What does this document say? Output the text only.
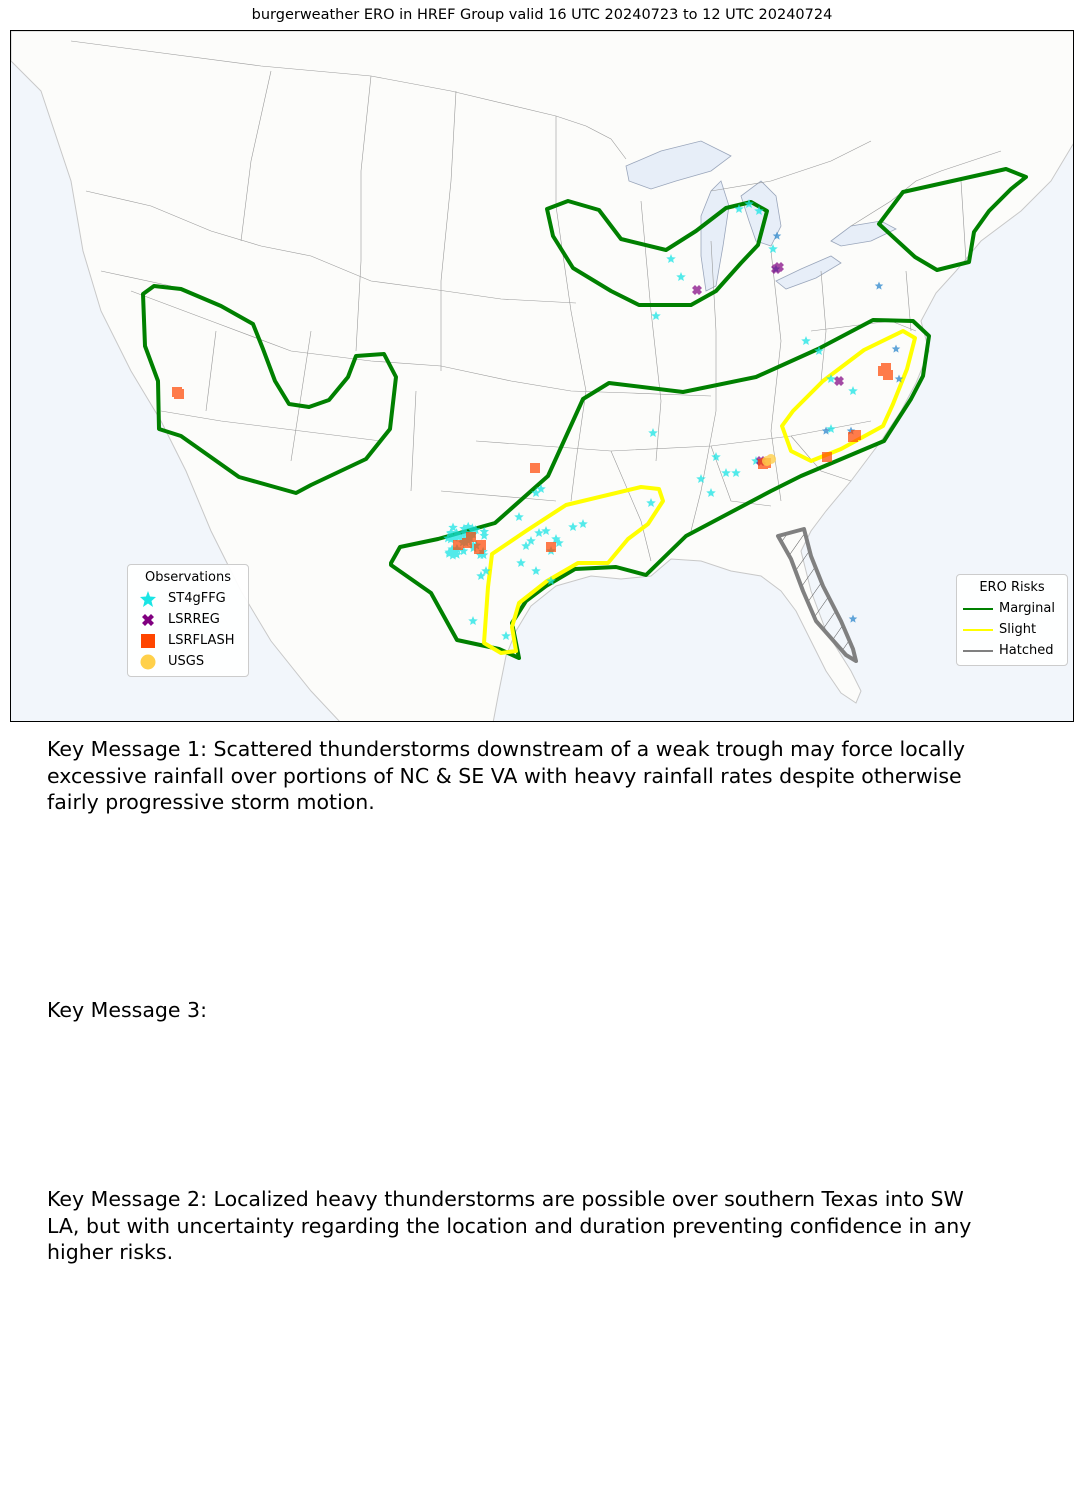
burgerweather ERO in HREF Group valid 16 UTC 20240723 to 12 UTC 20240724
Observations
ST4gFFG
LSRREG
LSRFLASH
USGS
ERO Risks
Marginal
Slight
Hatched
Key Message 1: Scattered thunderstorms downstream of a weak trough may force locally excessive rainfall over portions of NC & SE VA with heavy rainfall rates despite otherwise fairly progressive storm motion.
Key Message 3:
Key Message 2: Localized heavy thunderstorms are possible over southern Texas into SW LA, but with uncertainty regarding the location and duration preventing confidence in any higher risks.
